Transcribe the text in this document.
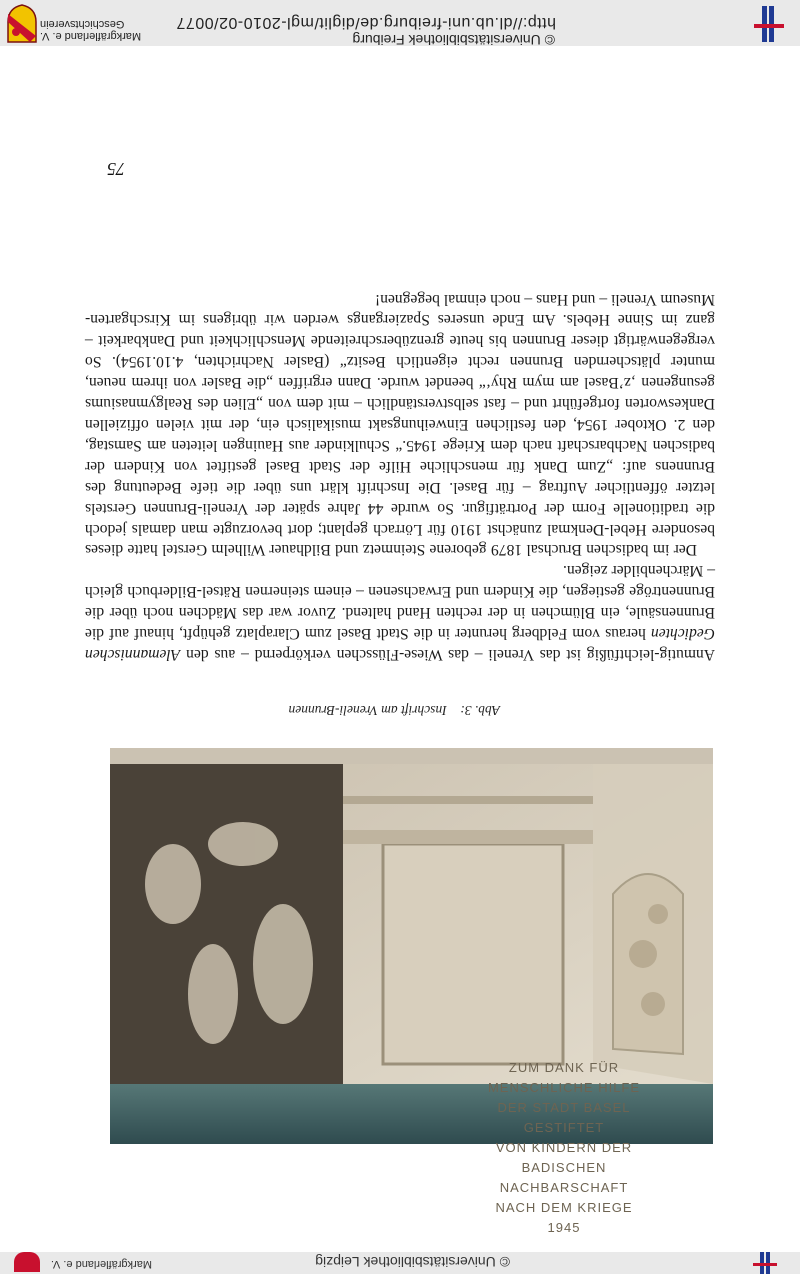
© Universitätsbibliothek Freiburg
http://dl.ub.uni-freiburg.de/diglit/mgl-2010-02/0077
Markgräflerland e. V.
Geschichtsverein
75

Anmutig-leichtfüßig ist das Vreneli – das Wiese-Flüsschen verkörpernd – aus den Alemannischen Gedichten heraus vom Feldberg herunter in die Stadt Basel zum Claraplatz gehüpft, hinauf auf die Brunnensäule, ein Blümchen in der rechten Hand haltend. Zuvor war das Mädchen noch über die Brunnentröge gestiegen, die Kindern und Erwachsenen – einem steinernen Rätsel-Bilderbuch gleich – Märchenbilder zeigen.

Der im badischen Bruchsal 1879 geborene Steinmetz und Bildhauer Wilhelm Gerstel hatte dieses besondere Hebel-Denkmal zunächst 1910 für Lörrach geplant; dort bevorzugte man damals jedoch die traditionelle Form der Porträtfigur. So wurde 44 Jahre später der Vreneli-Brunnen Gerstels letzter öffentlicher Auftrag – für Basel. Die Inschrift klärt uns über die tiefe Bedeutung des Brunnens auf: „Zum Dank für menschliche Hilfe der Stadt Basel gestiftet von Kindern der badischen Nachbarschaft nach dem Kriege 1945.“ Schulkinder aus Hauingen leiteten am Samstag, den 2. Oktober 1954, den festlichen Einweihungsakt musikalisch ein, der mit vielen offiziellen Dankesworten fortgeführt und – fast selbstverständlich – mit dem von „Elien des Realgymnasiums gesungenen ‚z’Basel am mym Rhy‘“ beendet wurde. Dann ergriffen „die Basler von ihrem neuen, munter plätschernden Brunnen recht eigentlich Besitz“ (Basler Nachrichten, 4.10.1954). So vergegenwärtigt dieser Brunnen bis heute grenzüberschreitende Menschlichkeit und Dankbarkeit – ganz im Sinne Hebels. Am Ende unseres Spaziergangs werden wir übrigens im Kirschgarten-Museum Vreneli – und Hans – noch einmal begegnen!

Abb. 3:    Inschrift am Vreneli-Brunnen
ZUM DANK FÜR
MENSCHLICHE HILFE
DER STADT BASEL
GESTIFTET
VON KINDERN DER
BADISCHEN
NACHBARSCHAFT
NACH DEM KRIEGE
1945
© Universitätsbibliothek Leipzig
Markgräflerland e. V.
